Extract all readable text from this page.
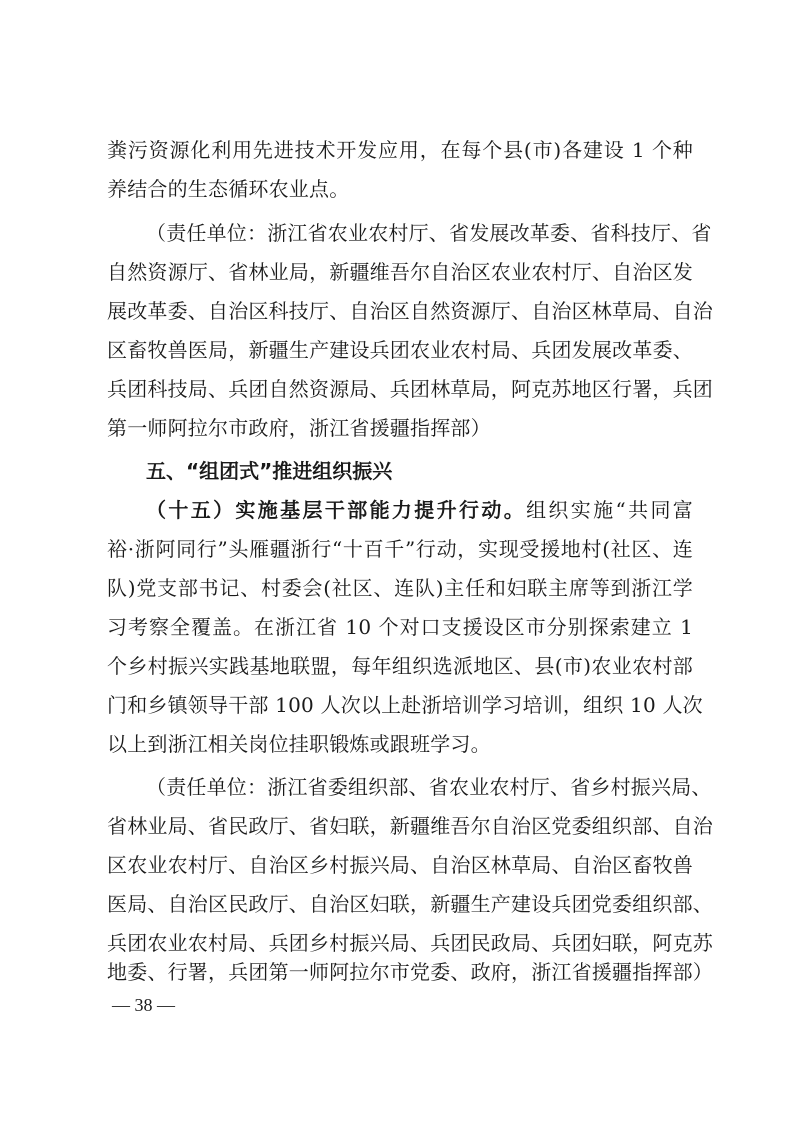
粪污资源化利用先进技术开发应用，在每个县(市)各建设 1 个种
养结合的生态循环农业点。
（责任单位：浙江省农业农村厅、省发展改革委、省科技厅、省
自然资源厅、省林业局，新疆维吾尔自治区农业农村厅、自治区发
展改革委、自治区科技厅、自治区自然资源厅、自治区林草局、自治
区畜牧兽医局，新疆生产建设兵团农业农村局、兵团发展改革委、
兵团科技局、兵团自然资源局、兵团林草局，阿克苏地区行署，兵团
第一师阿拉尔市政府，浙江省援疆指挥部）
五、“组团式”推进组织振兴
（十五）实施基层干部能力提升行动。组织实施“共同富
裕·浙阿同行”头雁疆浙行“十百千”行动，实现受援地村(社区、连
队)党支部书记、村委会(社区、连队)主任和妇联主席等到浙江学
习考察全覆盖。在浙江省 10 个对口支援设区市分别探索建立 1
个乡村振兴实践基地联盟，每年组织选派地区、县(市)农业农村部
门和乡镇领导干部 100 人次以上赴浙培训学习培训，组织 10 人次
以上到浙江相关岗位挂职锻炼或跟班学习。
（责任单位：浙江省委组织部、省农业农村厅、省乡村振兴局、
省林业局、省民政厅、省妇联，新疆维吾尔自治区党委组织部、自治
区农业农村厅、自治区乡村振兴局、自治区林草局、自治区畜牧兽
医局、自治区民政厅、自治区妇联，新疆生产建设兵团党委组织部、
兵团农业农村局、兵团乡村振兴局、兵团民政局、兵团妇联，阿克苏
地委、行署，兵团第一师阿拉尔市党委、政府，浙江省援疆指挥部）
— 38 —
